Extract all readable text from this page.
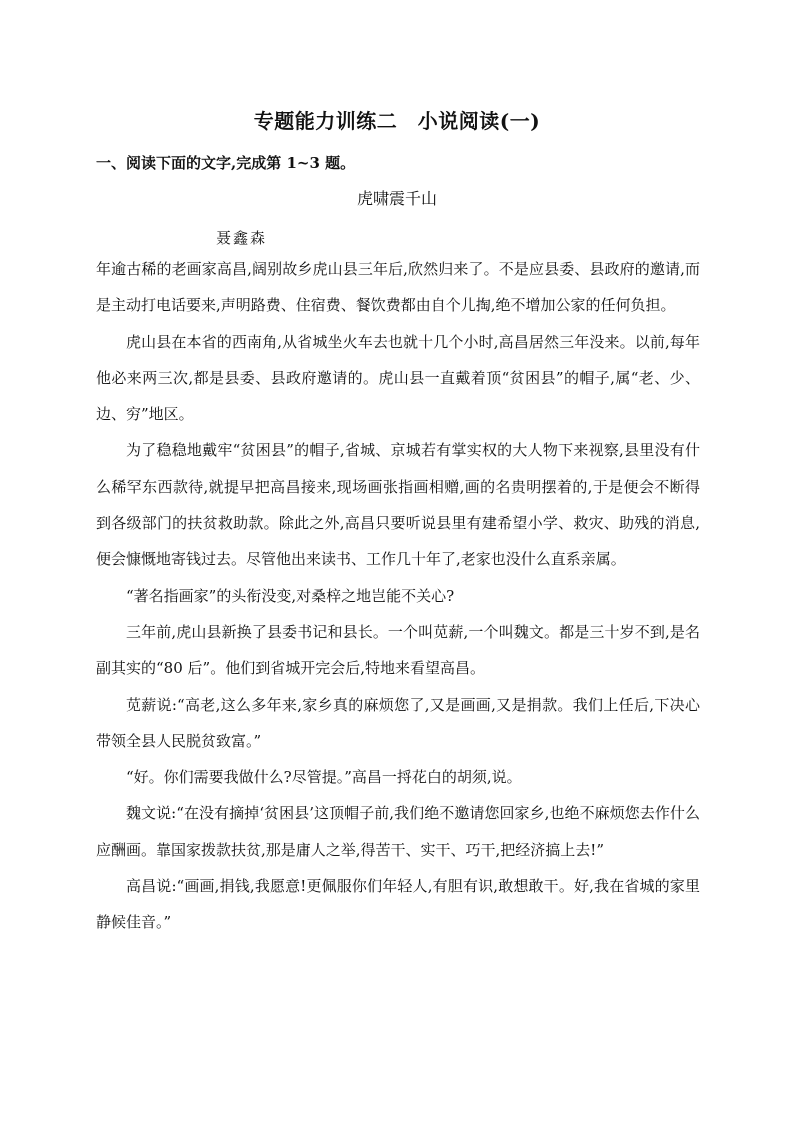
专题能力训练二　小说阅读(一)
一、阅读下面的文字,完成第 1~3 题。
虎啸震千山
聂鑫森

年逾古稀的老画家高昌,阔别故乡虎山县三年后,欣然归来了。不是应县委、县政府的邀请,而是主动打电话要来,声明路费、住宿费、餐饮费都由自个儿掏,绝不增加公家的任何负担。

虎山县在本省的西南角,从省城坐火车去也就十几个小时,高昌居然三年没来。以前,每年他必来两三次,都是县委、县政府邀请的。虎山县一直戴着顶“贫困县”的帽子,属“老、少、边、穷”地区。

为了稳稳地戴牢“贫困县”的帽子,省城、京城若有掌实权的大人物下来视察,县里没有什么稀罕东西款待,就提早把高昌接来,现场画张指画相赠,画的名贵明摆着的,于是便会不断得到各级部门的扶贫救助款。除此之外,高昌只要听说县里有建希望小学、救灾、助残的消息,便会慷慨地寄钱过去。尽管他出来读书、工作几十年了,老家也没什么直系亲属。

“著名指画家”的头衔没变,对桑梓之地岂能不关心?

三年前,虎山县新换了县委书记和县长。一个叫苋薪,一个叫魏文。都是三十岁不到,是名副其实的“80 后”。他们到省城开完会后,特地来看望高昌。

苋薪说:“高老,这么多年来,家乡真的麻烦您了,又是画画,又是捐款。我们上任后,下决心带领全县人民脱贫致富。”

“好。你们需要我做什么?尽管提。”高昌一捋花白的胡须,说。

魏文说:“在没有摘掉‘贫困县’这顶帽子前,我们绝不邀请您回家乡,也绝不麻烦您去作什么应酬画。靠国家拨款扶贫,那是庸人之举,得苦干、实干、巧干,把经济搞上去!”

高昌说:“画画,捐钱,我愿意!更佩服你们年轻人,有胆有识,敢想敢干。好,我在省城的家里静候佳音。”
